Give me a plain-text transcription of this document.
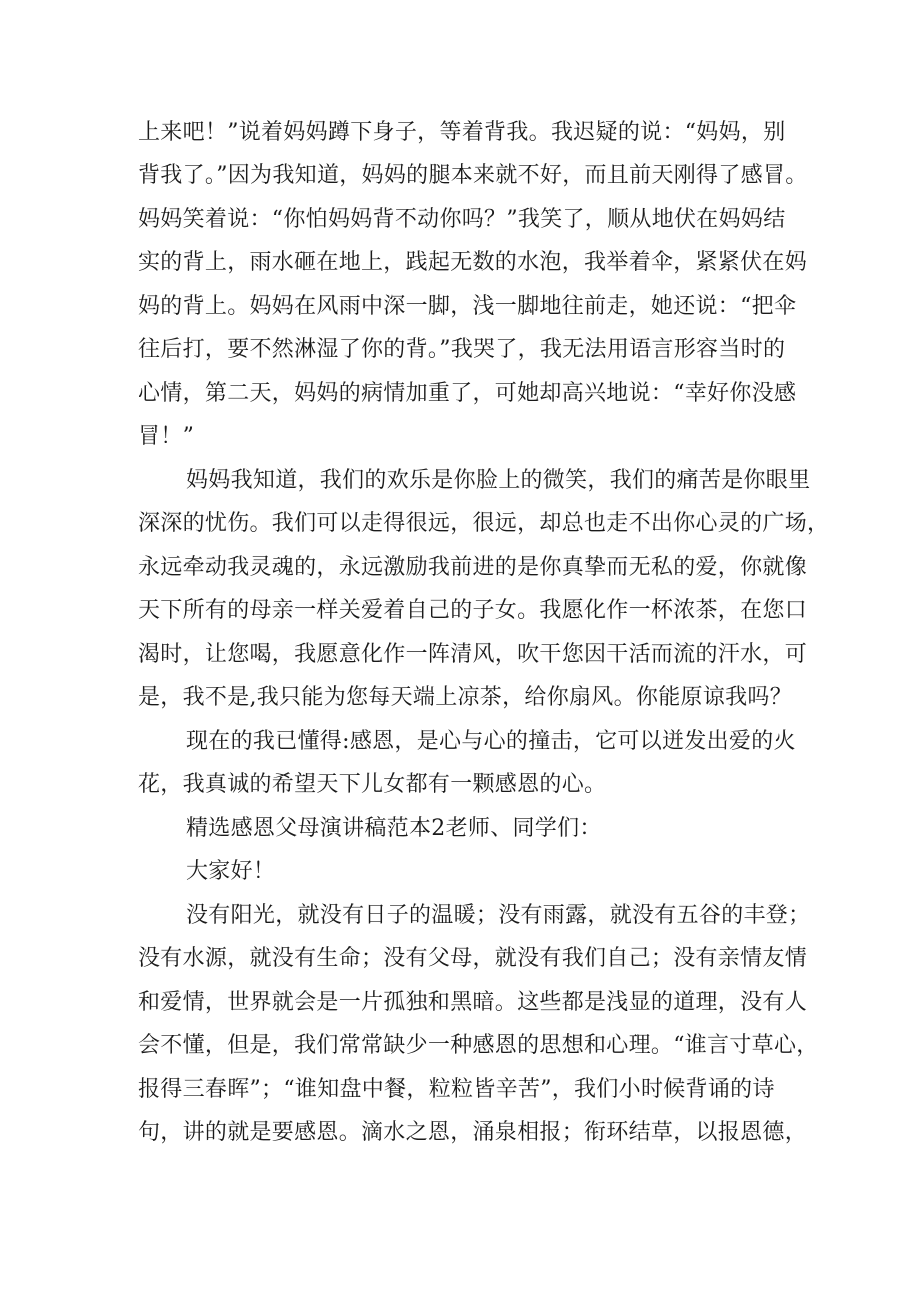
上来吧！”说着妈妈蹲下身子，等着背我。我迟疑的说：“妈妈，别
背我了。”因为我知道，妈妈的腿本来就不好，而且前天刚得了感冒。
妈妈笑着说：“你怕妈妈背不动你吗？”我笑了，顺从地伏在妈妈结
实的背上，雨水砸在地上，践起无数的水泡，我举着伞，紧紧伏在妈
妈的背上。妈妈在风雨中深一脚，浅一脚地往前走，她还说：“把伞
往后打，要不然淋湿了你的背。”我哭了，我无法用语言形容当时的
心情，第二天，妈妈的病情加重了，可她却高兴地说：“幸好你没感
冒！”
妈妈我知道，我们的欢乐是你脸上的微笑，我们的痛苦是你眼里
深深的忧伤。我们可以走得很远，很远，却总也走不出你心灵的广场，
永远牵动我灵魂的，永远激励我前进的是你真挚而无私的爱，你就像
天下所有的母亲一样关爱着自己的子女。我愿化作一杯浓茶，在您口
渴时，让您喝，我愿意化作一阵清风，吹干您因干活而流的汗水，可
是，我不是,我只能为您每天端上凉茶，给你扇风。你能原谅我吗？
现在的我已懂得:感恩，是心与心的撞击，它可以迸发出爱的火
花，我真诚的希望天下儿女都有一颗感恩的心。
精选感恩父母演讲稿范本2老师、同学们：
大家好！
没有阳光，就没有日子的温暖；没有雨露，就没有五谷的丰登；
没有水源，就没有生命；没有父母，就没有我们自己；没有亲情友情
和爱情，世界就会是一片孤独和黑暗。这些都是浅显的道理，没有人
会不懂，但是，我们常常缺少一种感恩的思想和心理。“谁言寸草心，
报得三春晖”；“谁知盘中餐，粒粒皆辛苦”，我们小时候背诵的诗
句，讲的就是要感恩。滴水之恩，涌泉相报；衔环结草，以报恩德，
